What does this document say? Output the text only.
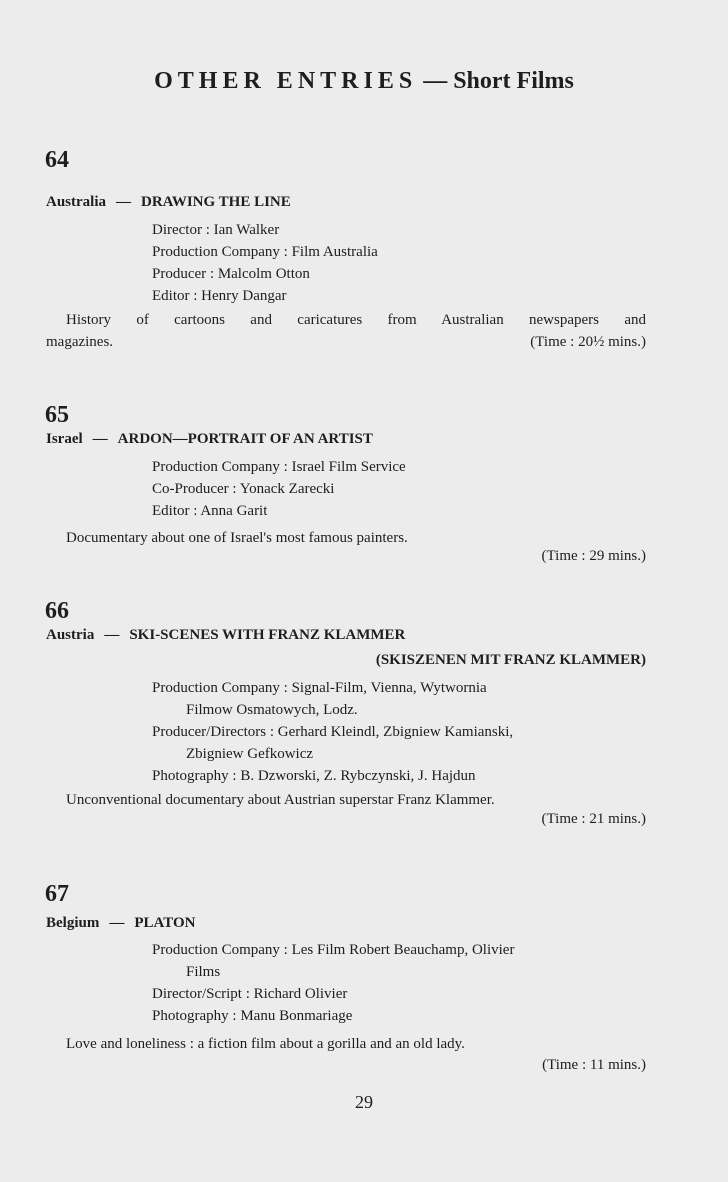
OTHER ENTRIES — Short Films
64
Australia — DRAWING THE LINE
Director : Ian Walker
Production Company : Film Australia
Producer : Malcolm Otton
Editor : Henry Dangar
History of cartoons and caricatures from Australian newspapers and
magazines.	(Time : 20½ mins.)
65
Israel — ARDON—PORTRAIT OF AN ARTIST
Production Company : Israel Film Service
Co-Producer : Yonack Zarecki
Editor : Anna Garit
Documentary about one of Israel's most famous painters.
(Time : 29 mins.)
66
Austria — SKI-SCENES WITH FRANZ KLAMMER
(SKISZENEN MIT FRANZ KLAMMER)
Production Company : Signal-Film, Vienna, Wytwornia
Filmow Osmatowych, Lodz.
Producer/Directors : Gerhard Kleindl, Zbigniew Kamianski,
Zbigniew Gefkowicz
Photography : B. Dzworski, Z. Rybczynski, J. Hajdun
Unconventional documentary about Austrian superstar Franz Klammer.
(Time : 21 mins.)
67
Belgium — PLATON
Production Company : Les Film Robert Beauchamp, Olivier
Films
Director/Script : Richard Olivier
Photography : Manu Bonmariage
Love and loneliness : a fiction film about a gorilla and an old lady.
(Time : 11 mins.)
29
